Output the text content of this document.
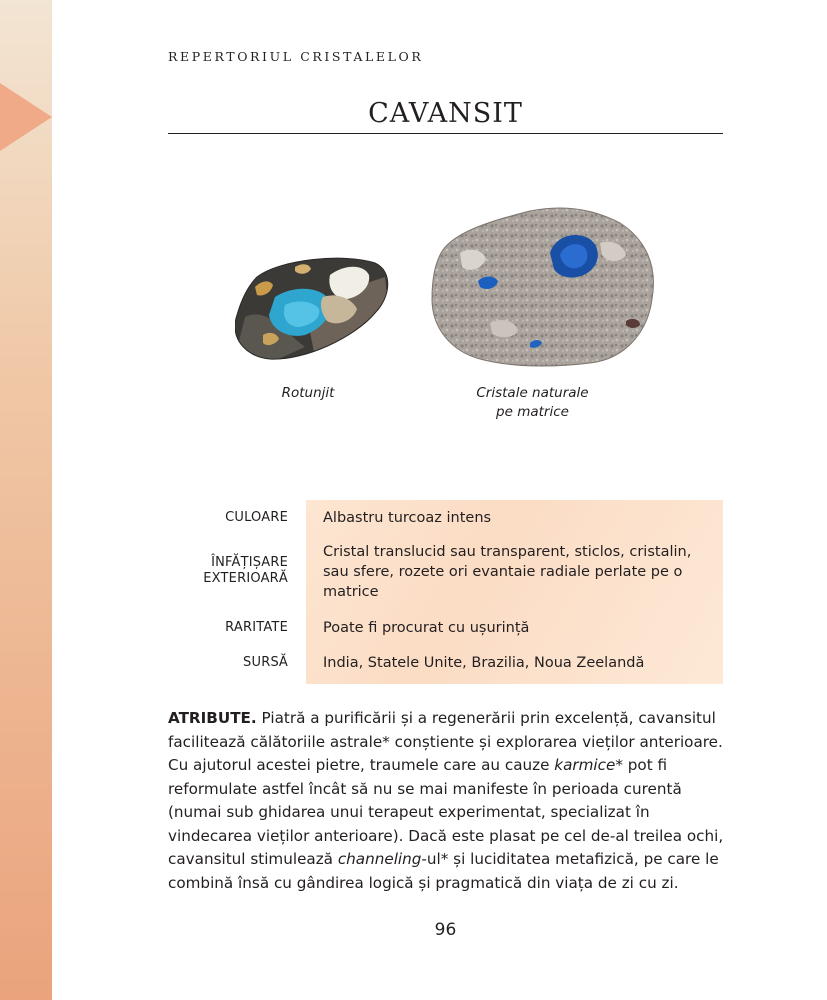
REPERTORIUL CRISTALELOR
CAVANSIT
Rotunjit	Cristale naturale
pe matrice
CULOARE Albastru turcoaz intens
ÎNFĂȚIȘARE
EXTERIOARĂ
Cristal translucid sau transparent, sticlos, cristalin, sau sfere, rozete ori evantaie radiale perlate pe o matrice
RARITATE Poate fi procurat cu ușurință
SURSĂ India, Statele Unite, Brazilia, Noua Zeelandă
ATRIBUTE. Piatră a purificării și a regenerării prin excelență, cavansitul
facilitează călătoriile astrale* conștiente și explorarea vieților anterioare.
Cu ajutorul acestei pietre, traumele care au cauze karmice* pot fi
reformulate astfel încât să nu se mai manifeste în perioada curentă
(numai sub ghidarea unui terapeut experimentat, specializat în
vindecarea vieților anterioare). Dacă este plasat pe cel de-al treilea ochi,
cavansitul stimulează channeling-ul* și luciditatea metafizică, pe care le
combină însă cu gândirea logică și pragmatică din viața de zi cu zi.
96
